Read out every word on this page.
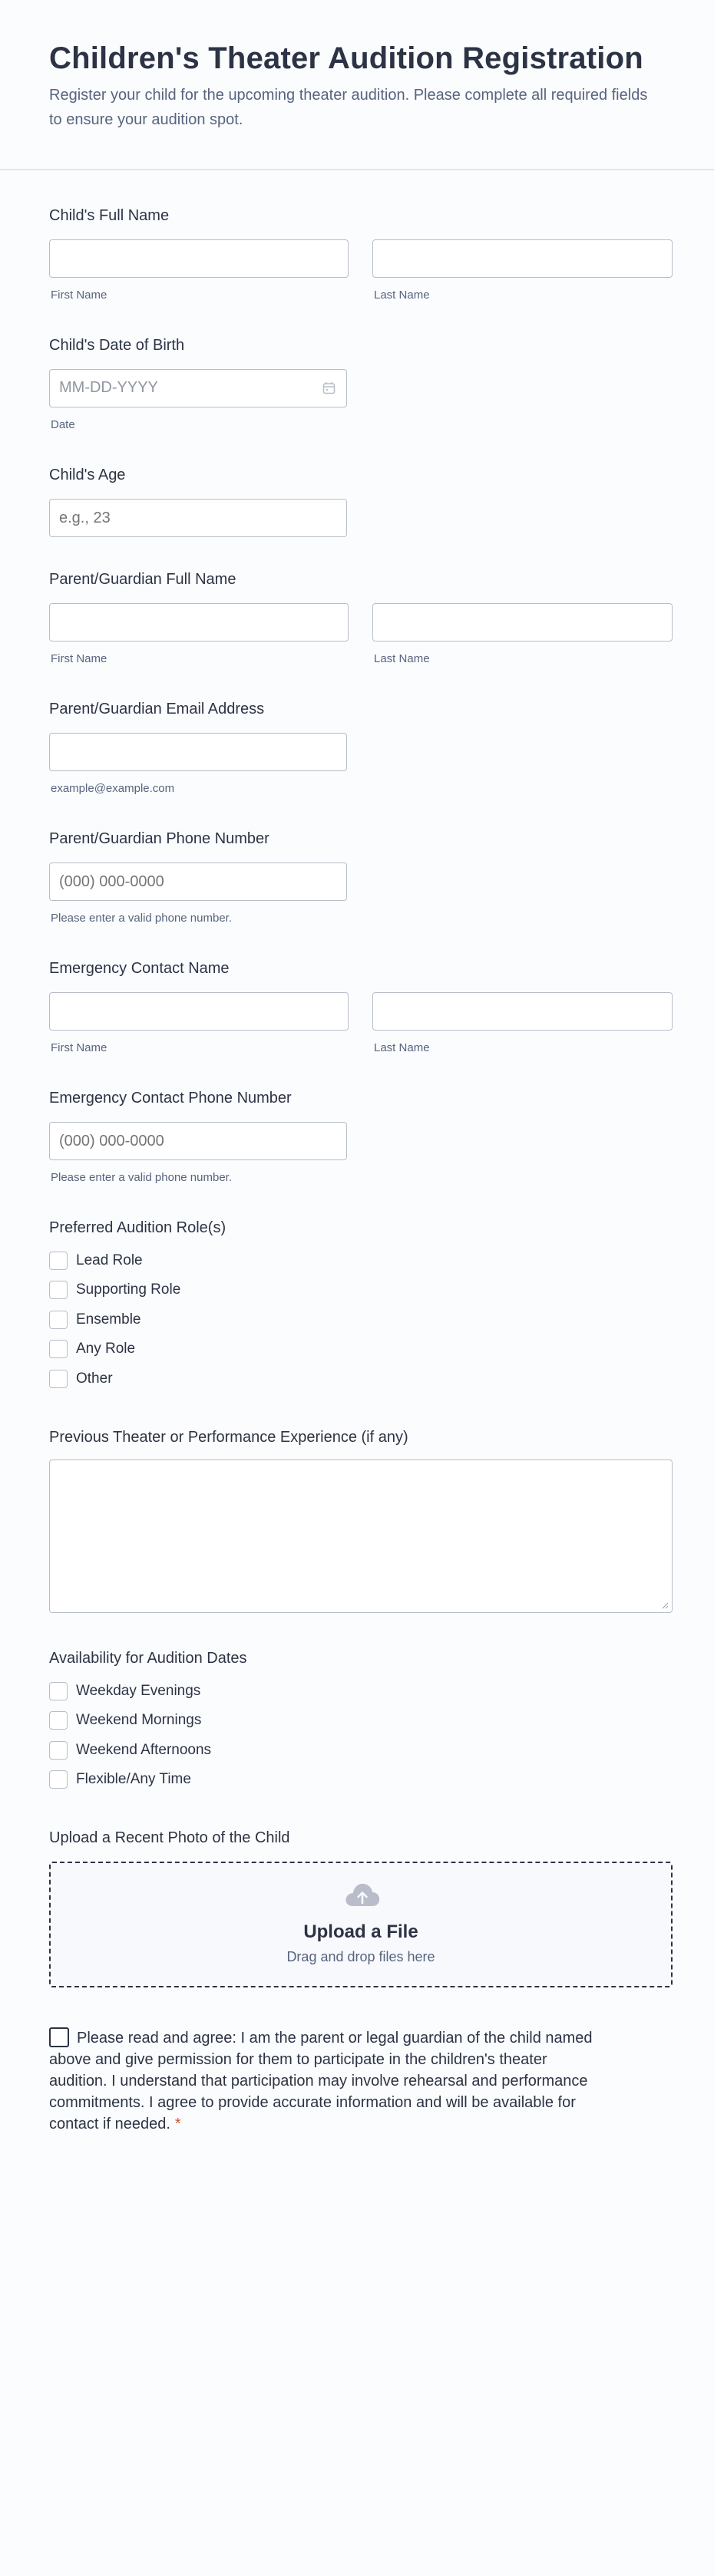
Children's Theater Audition Registration
Register your child for the upcoming theater audition. Please complete all required fields to ensure your audition spot.
Child's Full Name
First Name	Last Name
Child's Date of Birth
MM-DD-YYYY
Date
Child's Age
e.g., 23
Parent/Guardian Full Name
First Name	Last Name
Parent/Guardian Email Address
example@example.com
Parent/Guardian Phone Number
(000) 000-0000
Please enter a valid phone number.
Emergency Contact Name
First Name	Last Name
Emergency Contact Phone Number
(000) 000-0000
Please enter a valid phone number.
Preferred Audition Role(s)
Lead Role
Supporting Role
Ensemble
Any Role
Other
Previous Theater or Performance Experience (if any)
Availability for Audition Dates
Weekday Evenings
Weekend Mornings
Weekend Afternoons
Flexible/Any Time
Upload a Recent Photo of the Child
Upload a File
Drag and drop files here
Please read and agree: I am the parent or legal guardian of the child named above and give permission for them to participate in the children's theater audition. I understand that participation may involve rehearsal and performance commitments. I agree to provide accurate information and will be available for contact if needed. *
